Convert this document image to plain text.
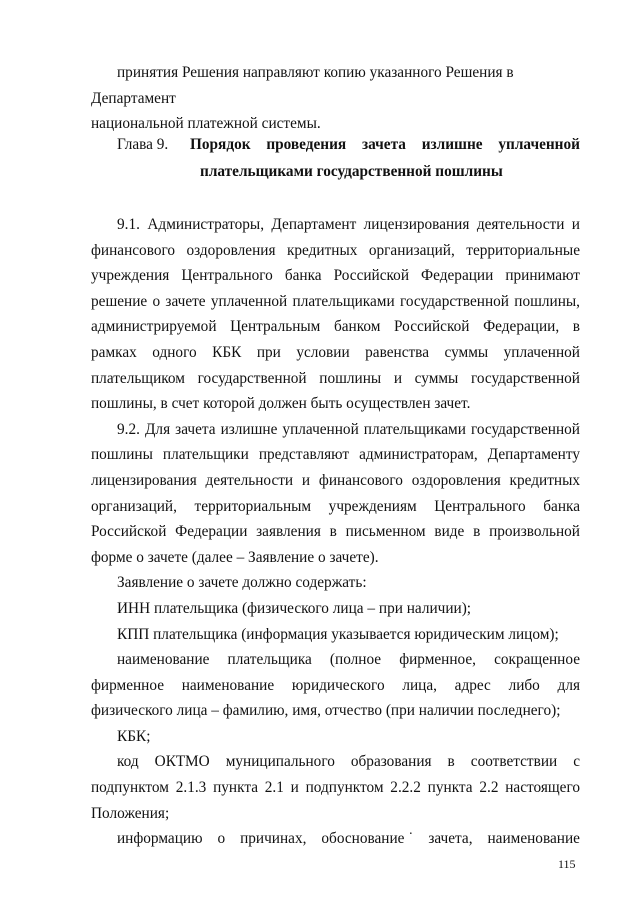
принятия Решения направляют копию указанного Решения в Департамент

национальной платежной системы.

Глава 9. Порядок проведения зачета излишне уплаченной
плательщиками государственной пошлины

9.1. Администраторы, Департамент лицензирования деятельности и финансового оздоровления кредитных организаций, территориальные учреждения Центрального банка Российской Федерации принимают решение о зачете уплаченной плательщиками государственной пошлины, администрируемой Центральным банком Российской Федерации, в рамках одного КБК при условии равенства суммы уплаченной плательщиком государственной пошлины и суммы государственной пошлины, в счет которой должен быть осуществлен зачет.

9.2. Для зачета излишне уплаченной плательщиками государственной пошлины плательщики представляют администраторам, Департаменту лицензирования деятельности и финансового оздоровления кредитных организаций, территориальным учреждениям Центрального банка Российской Федерации заявления в письменном виде в произвольной форме о зачете (далее – Заявление о зачете).

Заявление о зачете должно содержать:

ИНН плательщика (физического лица – при наличии);

КПП плательщика (информация указывается юридическим лицом);

наименование плательщика (полное фирменное, сокращенное фирменное наименование юридического лица, адрес либо для физического лица – фамилию, имя, отчество (при наличии последнего);

КБК;

код ОКТМО муниципального образования в соответствии с подпунктом 2.1.3 пункта 2.1 и подпунктом 2.2.2 пункта 2.2 настоящего Положения;

информацию о причинах, обоснование ˙ зачета, наименование
115
